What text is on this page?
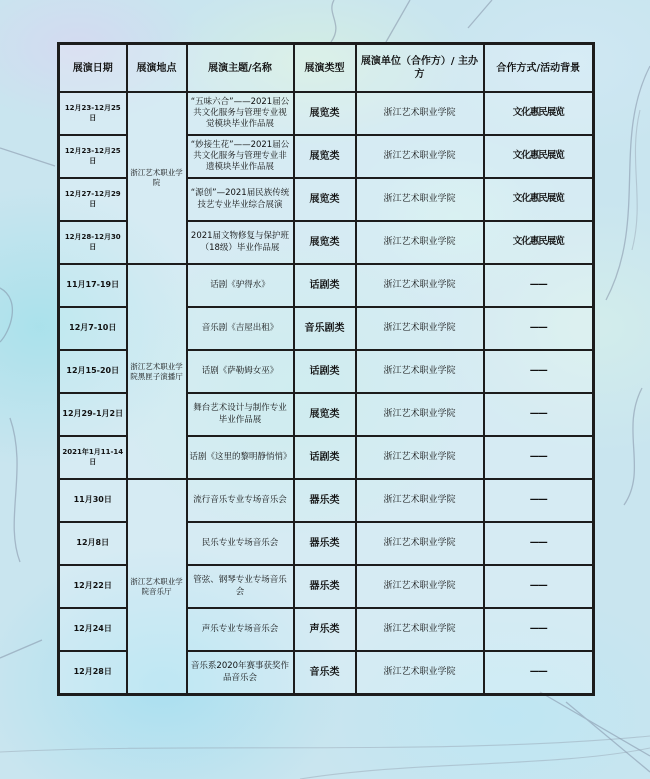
展演日期	展演地点	展演主题/名称	展演类型	展演单位（合作方）/ 主办方	合作方式/活动背景
12月23-12月25日	浙江艺术职业学院	“五味六合”——2021届公共文化服务与管理专业视觉模块毕业作品展	展览类	浙江艺术职业学院	文化惠民展览
12月23-12月25日		“妙接生花”——2021届公共文化服务与管理专业非遗模块毕业作品展	展览类	浙江艺术职业学院	文化惠民展览
12月27-12月29日		“源创”—2021届民族传统技艺专业毕业综合展演	展览类	浙江艺术职业学院	文化惠民展览
12月28-12月30日		2021届文物修复与保护班（18级）毕业作品展	展览类	浙江艺术职业学院	文化惠民展览
11月17-19日	浙江艺术职业学院黑匣子演播厅	话剧《驴得水》	话剧类	浙江艺术职业学院	——
12月7-10日		音乐剧《吉屋出租》	音乐剧类	浙江艺术职业学院	——
12月15-20日		话剧《萨勒姆女巫》	话剧类	浙江艺术职业学院	——
12月29-1月2日		舞台艺术设计与制作专业毕业作品展	展览类	浙江艺术职业学院	——
2021年1月11-14日		话剧《这里的黎明静悄悄》	话剧类	浙江艺术职业学院	——
11月30日	浙江艺术职业学院音乐厅	流行音乐专业专场音乐会	器乐类	浙江艺术职业学院	——
12月8日		民乐专业专场音乐会	器乐类	浙江艺术职业学院	——
12月22日		管弦、钢琴专业专场音乐会	器乐类	浙江艺术职业学院	——
12月24日		声乐专业专场音乐会	声乐类	浙江艺术职业学院	——
12月28日		音乐系2020年赛事获奖作品音乐会	音乐类	浙江艺术职业学院	——
